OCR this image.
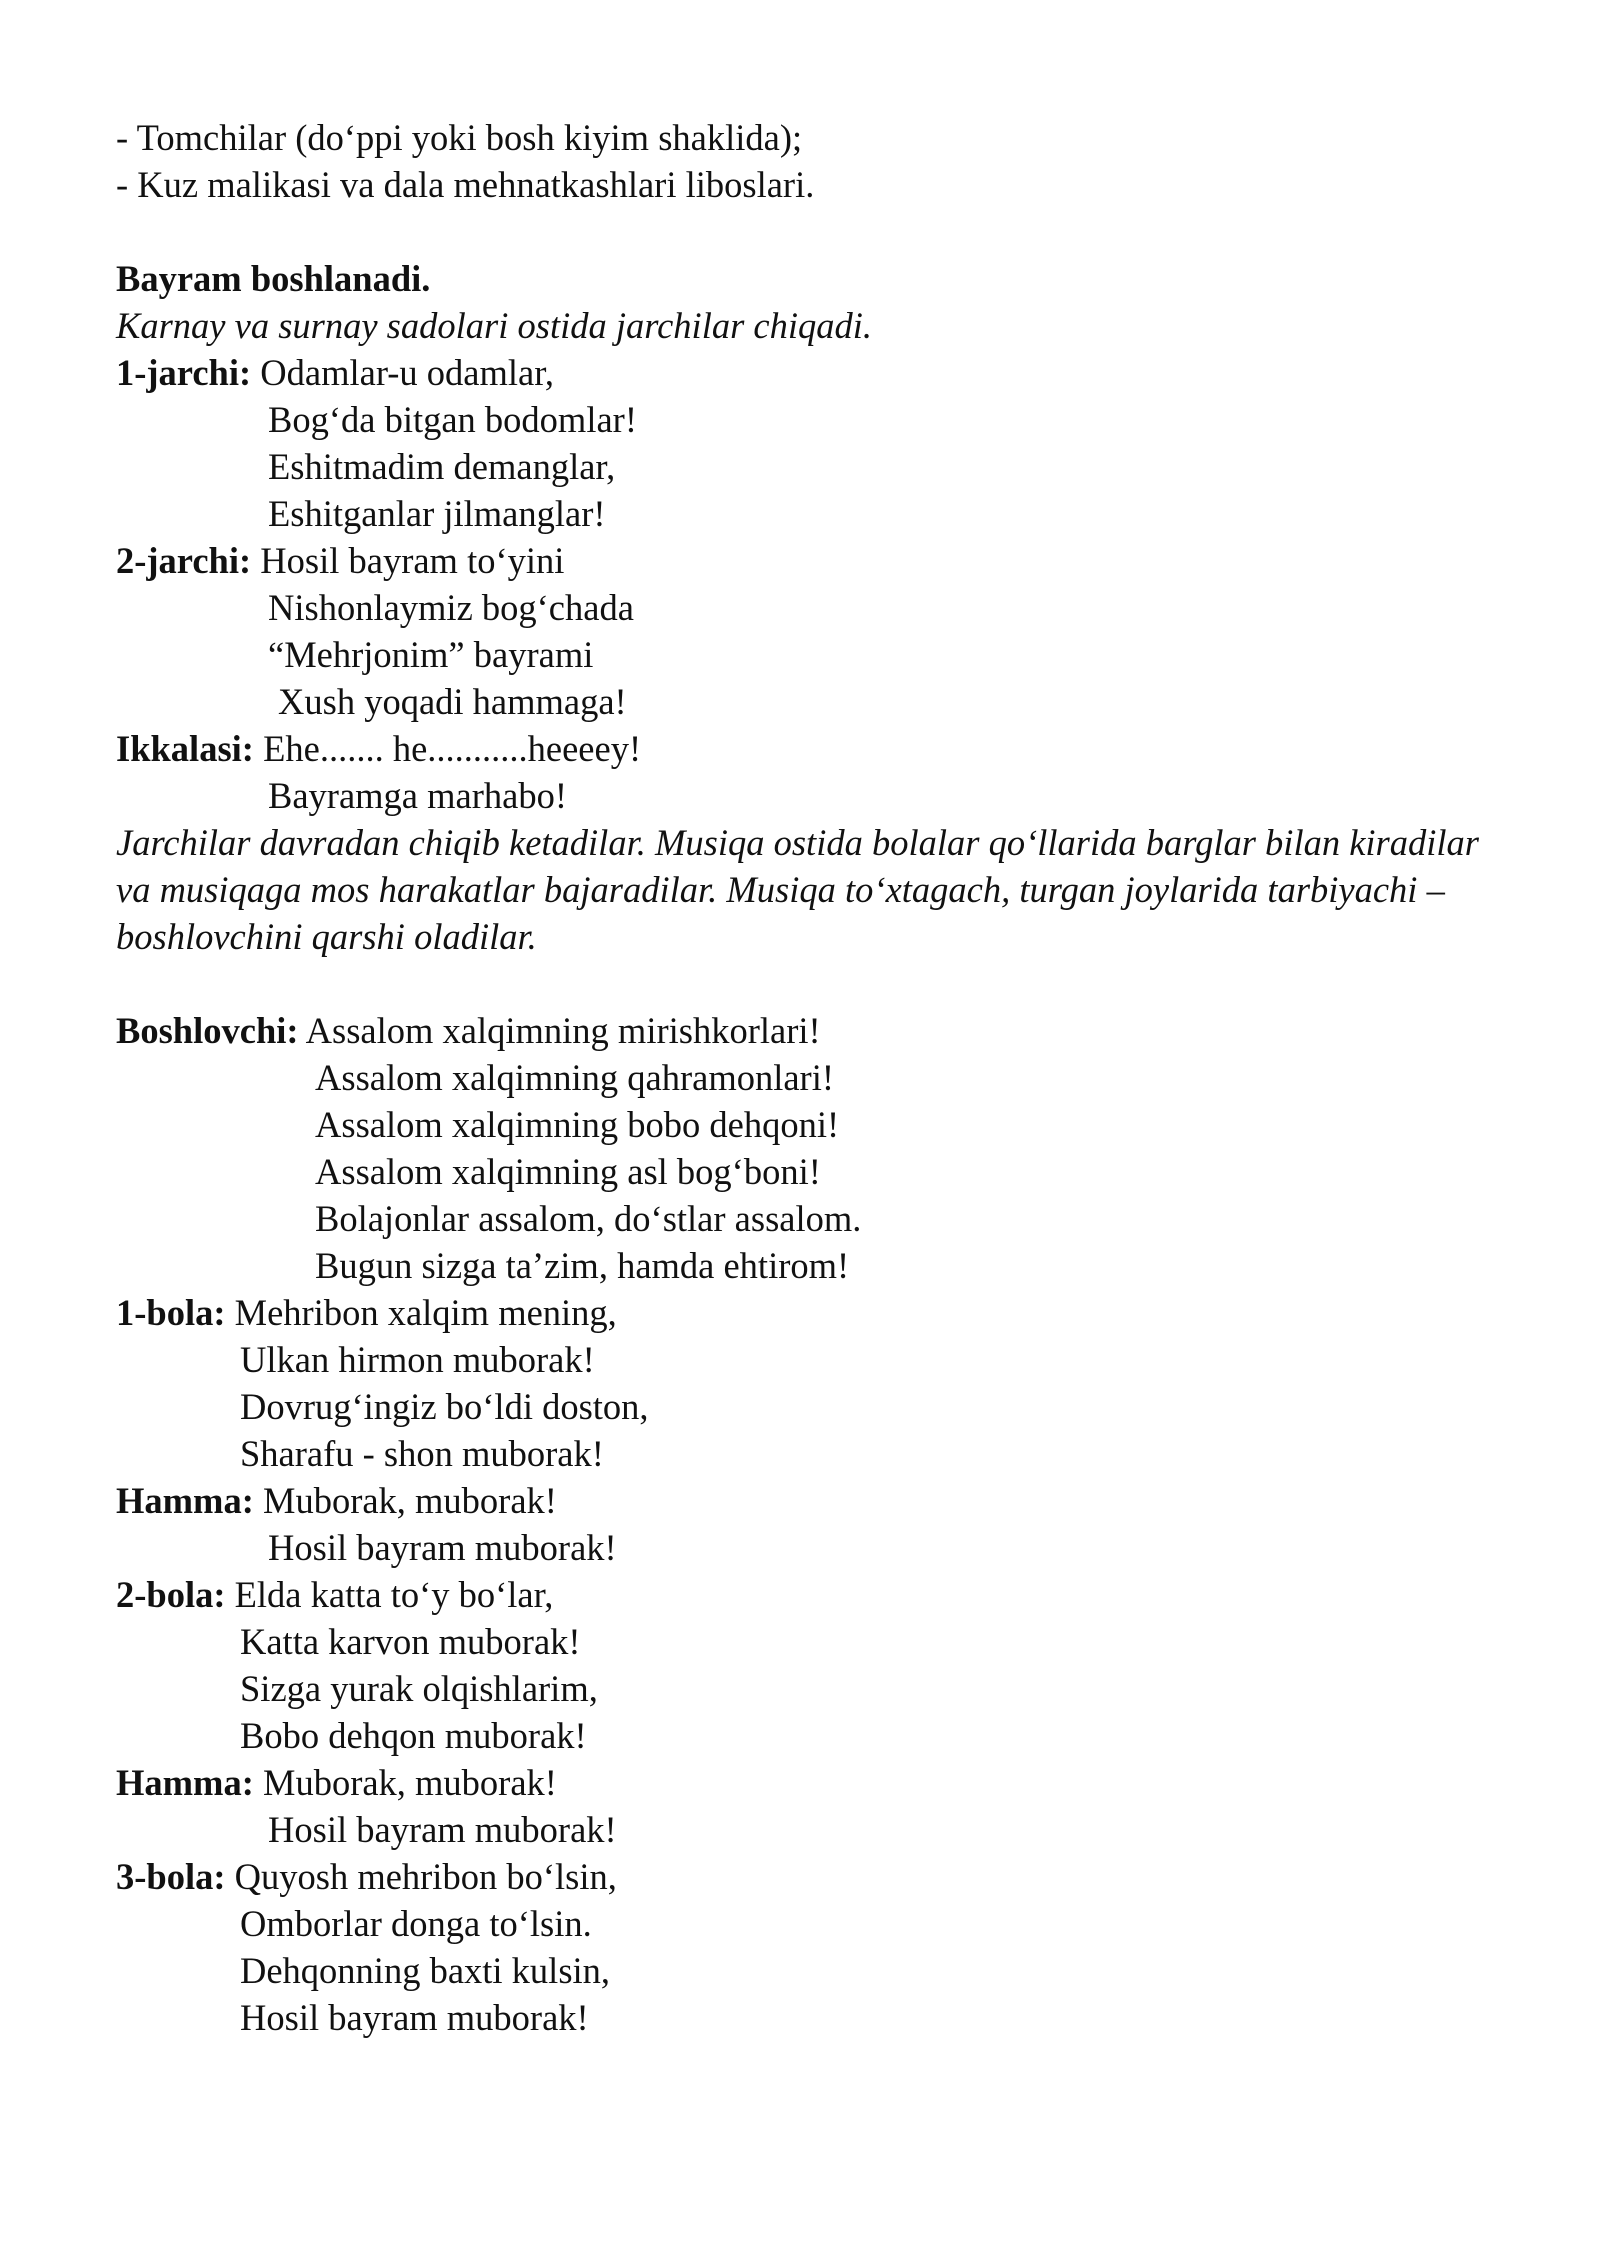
- Tomchilar (do‘ppi yoki bosh kiyim shaklida);
- Kuz malikasi va dala mehnatkashlari liboslari.
Bayram boshlanadi.
Karnay va surnay sadolari ostida jarchilar chiqadi.
1-jarchi: Odamlar-u odamlar,
Bog‘da bitgan bodomlar!
Eshitmadim demanglar,
Eshitganlar jilmanglar!
2-jarchi: Hosil bayram to‘yini
Nishonlaymiz bog‘chada
“Mehrjonim” bayrami
Xush yoqadi hammaga!
Ikkalasi: Ehe....... he...........heeeey!
Bayramga marhabo!
Jarchilar davradan chiqib ketadilar. Musiqa ostida bolalar qo‘llarida barglar bilan kiradilar va musiqaga mos harakatlar bajaradilar. Musiqa to‘xtagach, turgan joylarida tarbiyachi – boshlovchini qarshi oladilar.
Boshlovchi: Assalom xalqimning mirishkorlari!
Assalom xalqimning qahramonlari!
Assalom xalqimning bobo dehqoni!
Assalom xalqimning asl bog‘boni!
Bolajonlar assalom, do‘stlar assalom.
Bugun sizga ta’zim, hamda ehtirom!
1-bola: Mehribon xalqim mening,
Ulkan hirmon muborak!
Dovrug‘ingiz bo‘ldi doston,
Sharafu - shon muborak!
Hamma: Muborak, muborak!
Hosil bayram muborak!
2-bola: Elda katta to‘y bo‘lar,
Katta karvon muborak!
Sizga yurak olqishlarim,
Bobo dehqon muborak!
Hamma: Muborak, muborak!
Hosil bayram muborak!
3-bola: Quyosh mehribon bo‘lsin,
Omborlar donga to‘lsin.
Dehqonning baxti kulsin,
Hosil bayram muborak!
